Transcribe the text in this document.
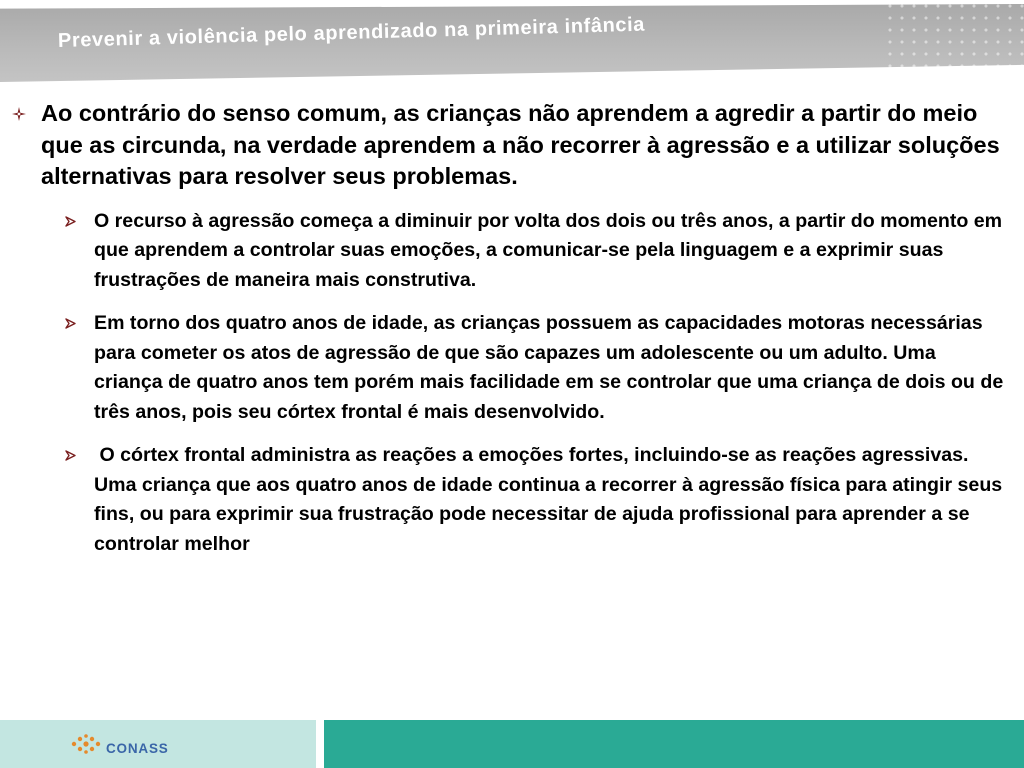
Prevenir a violência pelo aprendizado na primeira infância
Ao contrário do senso comum, as crianças não aprendem a agredir a partir do meio que as circunda, na verdade aprendem a não recorrer à agressão e a utilizar soluções alternativas para resolver seus problemas.
O recurso à agressão começa a diminuir por volta dos dois ou três anos, a partir do momento em que aprendem a controlar suas emoções, a comunicar-se pela linguagem e a exprimir suas frustrações de maneira mais construtiva.
Em torno dos quatro anos de idade, as crianças possuem as capacidades motoras necessárias para cometer os atos de agressão de que são capazes um adolescente ou um adulto. Uma criança de quatro anos tem porém mais facilidade em se controlar que uma criança de dois ou de três anos, pois seu córtex frontal é mais desenvolvido.
O córtex frontal administra as reações a emoções fortes, incluindo-se as reações agressivas. Uma criança que aos quatro anos de idade continua a recorrer à agressão física para atingir seus fins, ou para exprimir sua frustração pode necessitar de ajuda profissional para aprender a se controlar melhor
CONASS
